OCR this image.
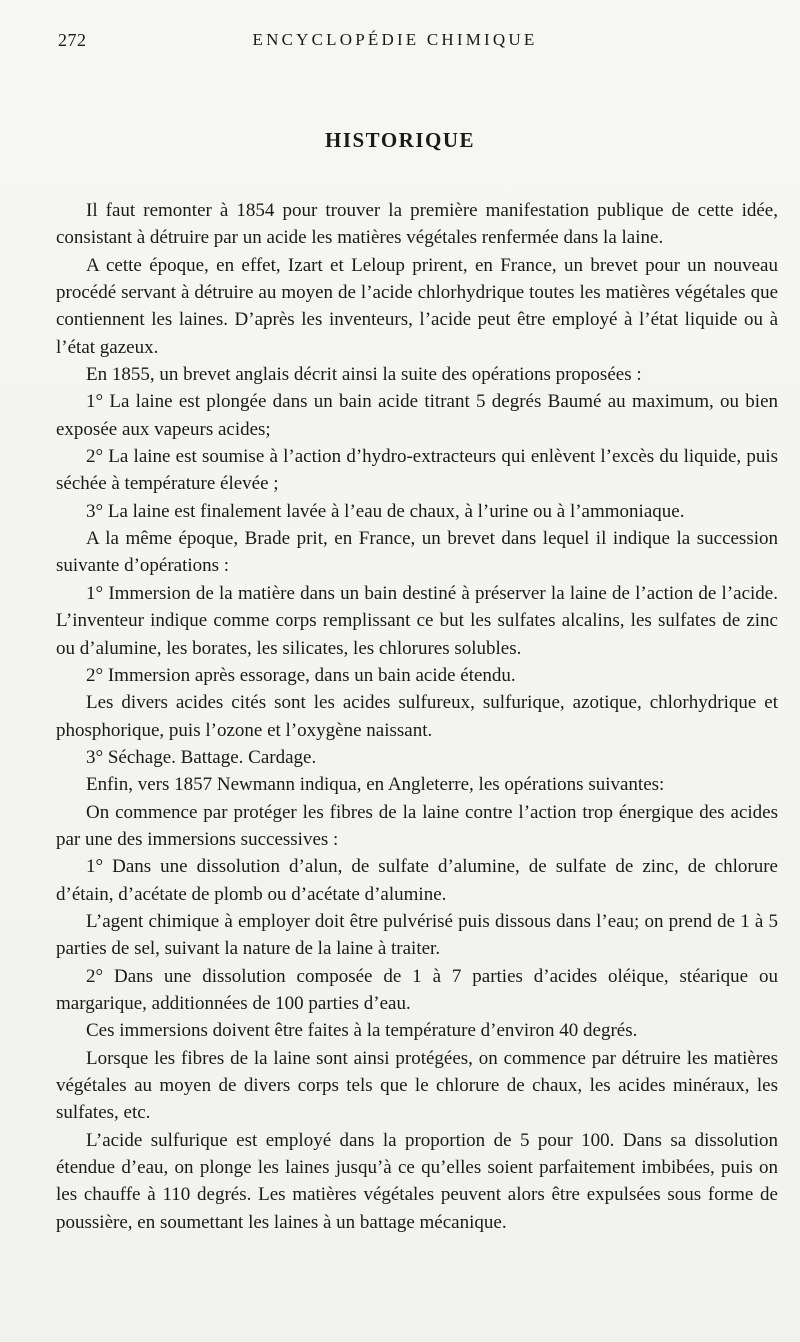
272	ENCYCLOPÉDIE CHIMIQUE
HISTORIQUE

Il faut remonter à 1854 pour trouver la première manifestation publique de cette idée, consistant à détruire par un acide les matières végétales renfermée dans la laine.

A cette époque, en effet, Izart et Leloup prirent, en France, un brevet pour un nouveau procédé servant à détruire au moyen de l’acide chlorhydrique toutes les matières végétales que contiennent les laines. D’après les inventeurs, l’acide peut être employé à l’état liquide ou à l’état gazeux.

En 1855, un brevet anglais décrit ainsi la suite des opérations proposées :

1° La laine est plongée dans un bain acide titrant 5 degrés Baumé au maximum, ou bien exposée aux vapeurs acides;

2° La laine est soumise à l’action d’hydro-extracteurs qui enlèvent l’excès du liquide, puis séchée à température élevée ;

3° La laine est finalement lavée à l’eau de chaux, à l’urine ou à l’ammoniaque.

A la même époque, Brade prit, en France, un brevet dans lequel il indique la succession suivante d’opérations :

1° Immersion de la matière dans un bain destiné à préserver la laine de l’action de l’acide. L’inventeur indique comme corps remplissant ce but les sulfates alcalins, les sulfates de zinc ou d’alumine, les borates, les silicates, les chlorures solubles.

2° Immersion après essorage, dans un bain acide étendu.

Les divers acides cités sont les acides sulfureux, sulfurique, azotique, chlorhydrique et phosphorique, puis l’ozone et l’oxygène naissant.

3° Séchage. Battage. Cardage.

Enfin, vers 1857 Newmann indiqua, en Angleterre, les opérations suivantes:

On commence par protéger les fibres de la laine contre l’action trop énergique des acides par une des immersions successives :

1° Dans une dissolution d’alun, de sulfate d’alumine, de sulfate de zinc, de chlorure d’étain, d’acétate de plomb ou d’acétate d’alumine.

L’agent chimique à employer doit être pulvérisé puis dissous dans l’eau; on prend de 1 à 5 parties de sel, suivant la nature de la laine à traiter.

2° Dans une dissolution composée de 1 à 7 parties d’acides oléique, stéarique ou margarique, additionnées de 100 parties d’eau.

Ces immersions doivent être faites à la température d’environ 40 degrés.

Lorsque les fibres de la laine sont ainsi protégées, on commence par détruire les matières végétales au moyen de divers corps tels que le chlorure de chaux, les acides minéraux, les sulfates, etc.

L’acide sulfurique est employé dans la proportion de 5 pour 100. Dans sa dissolution étendue d’eau, on plonge les laines jusqu’à ce qu’elles soient parfaitement imbibées, puis on les chauffe à 110 degrés. Les matières végétales peuvent alors être expulsées sous forme de poussière, en soumettant les laines à un battage mécanique.
